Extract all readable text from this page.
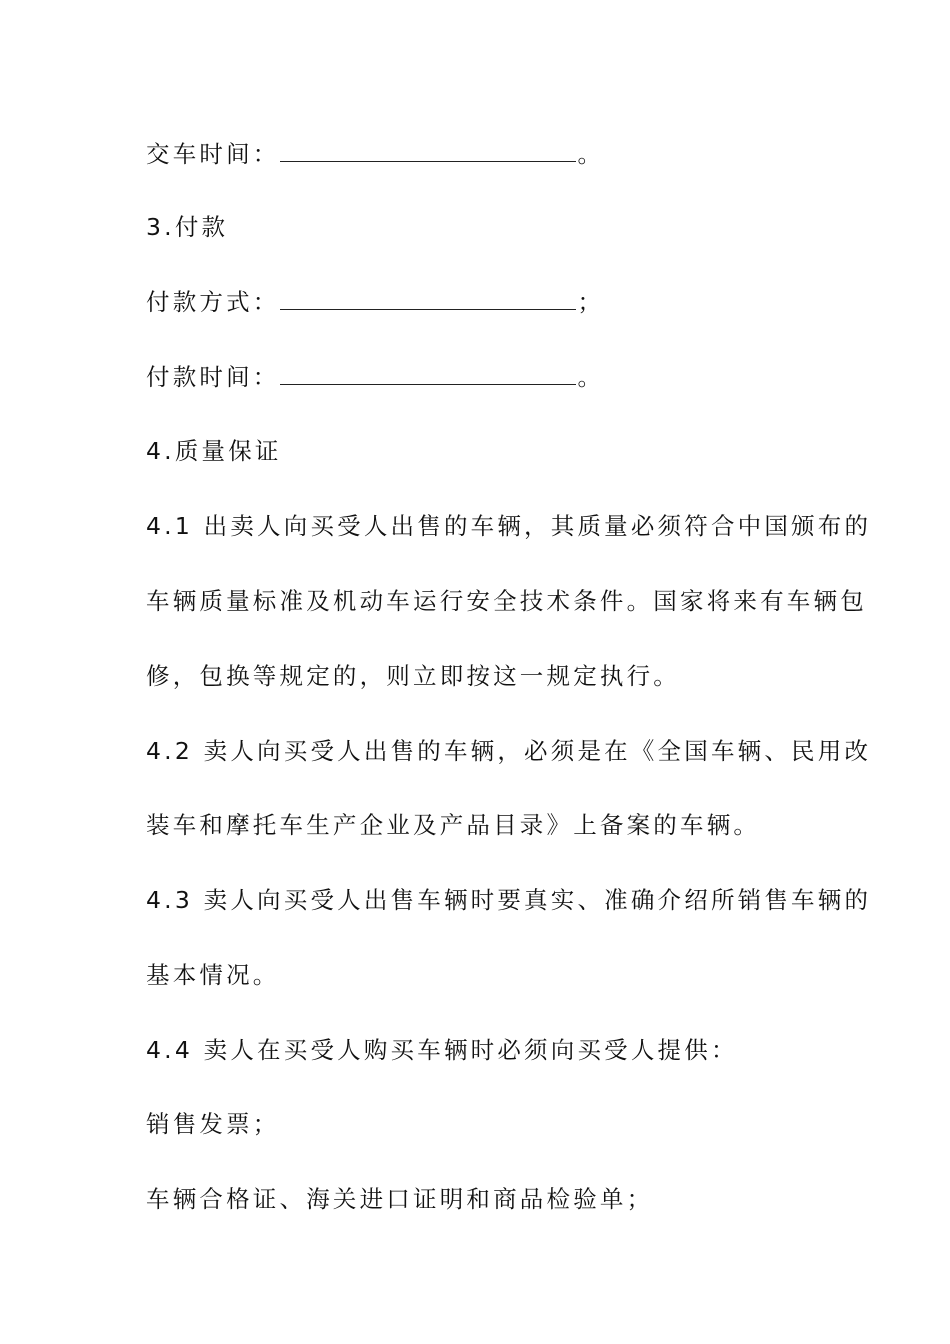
交车时间：	。
3.付款
付款方式：	；
付款时间：	。
4.质量保证
4.1 出卖人向买受人出售的车辆，其质量必须符合中国颁布的
车辆质量标准及机动车运行安全技术条件。国家将来有车辆包
修，包换等规定的，则立即按这一规定执行。
4.2 卖人向买受人出售的车辆，必须是在《全国车辆、民用改
装车和摩托车生产企业及产品目录》上备案的车辆。
4.3 卖人向买受人出售车辆时要真实、准确介绍所销售车辆的
基本情况。
4.4 卖人在买受人购买车辆时必须向买受人提供：
销售发票；
车辆合格证、海关进口证明和商品检验单；
